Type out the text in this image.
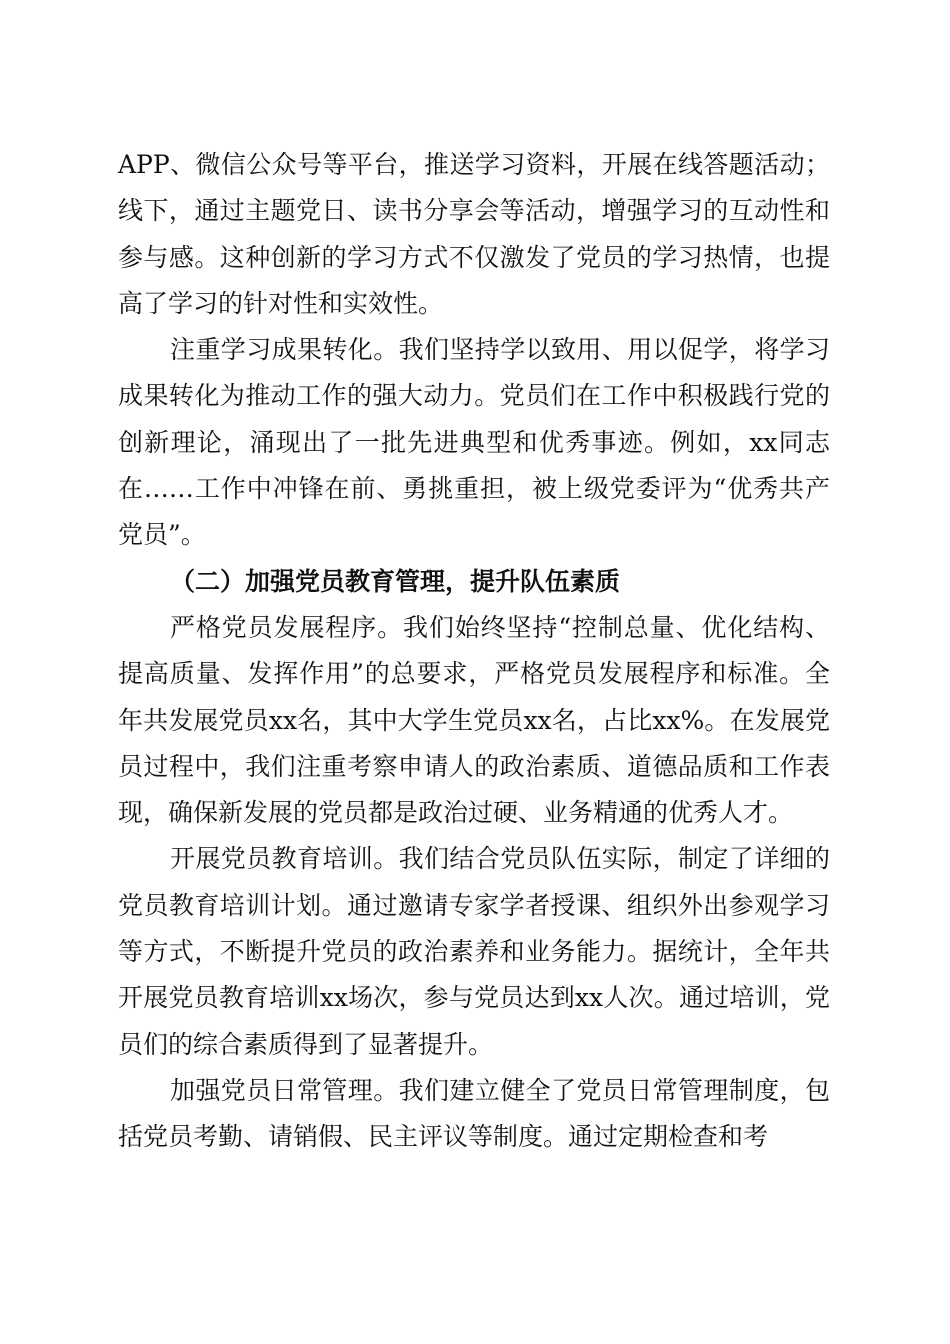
APP、微信公众号等平台，推送学习资料，开展在线答题活动；线下，通过主题党日、读书分享会等活动，增强学习的互动性和参与感。这种创新的学习方式不仅激发了党员的学习热情，也提高了学习的针对性和实效性。

注重学习成果转化。我们坚持学以致用、用以促学，将学习成果转化为推动工作的强大动力。党员们在工作中积极践行党的创新理论，涌现出了一批先进典型和优秀事迹。例如，xx同志在……工作中冲锋在前、勇挑重担，被上级党委评为“优秀共产党员”。

（二）加强党员教育管理，提升队伍素质

严格党员发展程序。我们始终坚持“控制总量、优化结构、提高质量、发挥作用”的总要求，严格党员发展程序和标准。全年共发展党员xx名，其中大学生党员xx名，占比xx%。在发展党员过程中，我们注重考察申请人的政治素质、道德品质和工作表现，确保新发展的党员都是政治过硬、业务精通的优秀人才。

开展党员教育培训。我们结合党员队伍实际，制定了详细的党员教育培训计划。通过邀请专家学者授课、组织外出参观学习等方式，不断提升党员的政治素养和业务能力。据统计，全年共开展党员教育培训xx场次，参与党员达到xx人次。通过培训，党员们的综合素质得到了显著提升。

加强党员日常管理。我们建立健全了党员日常管理制度，包括党员考勤、请销假、民主评议等制度。通过定期检查和考
